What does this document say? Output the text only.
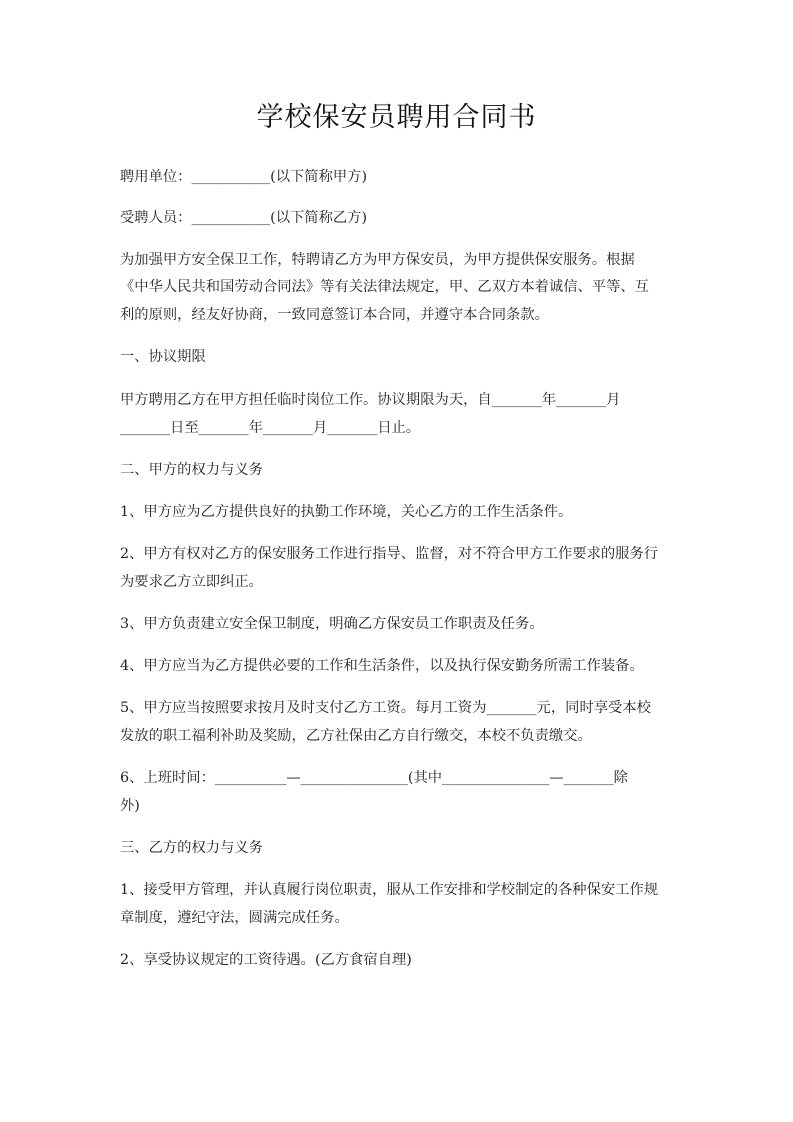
学校保安员聘用合同书
聘用单位：___________(以下简称甲方)
受聘人员：___________(以下简称乙方)
为加强甲方安全保卫工作，特聘请乙方为甲方保安员，为甲方提供保安服务。根据
《中华人民共和国劳动合同法》等有关法律法规定，甲、乙双方本着诚信、平等、互
利的原则，经友好协商，一致同意签订本合同，并遵守本合同条款。
一、协议期限
甲方聘用乙方在甲方担任临时岗位工作。协议期限为天，自_______年_______月
_______日至_______年_______月_______日止。
二、甲方的权力与义务
1、甲方应为乙方提供良好的执勤工作环境，关心乙方的工作生活条件。
2、甲方有权对乙方的保安服务工作进行指导、监督，对不符合甲方工作要求的服务行
为要求乙方立即纠正。
3、甲方负责建立安全保卫制度，明确乙方保安员工作职责及任务。
4、甲方应当为乙方提供必要的工作和生活条件，以及执行保安勤务所需工作装备。
5、甲方应当按照要求按月及时支付乙方工资。每月工资为_______元，同时享受本校
发放的职工福利补助及奖励，乙方社保由乙方自行缴交，本校不负责缴交。
6、上班时间：__________—_______________(其中_______________—_______除
外)
三、乙方的权力与义务
1、接受甲方管理，并认真履行岗位职责，服从工作安排和学校制定的各种保安工作规
章制度，遵纪守法，圆满完成任务。
2、享受协议规定的工资待遇。(乙方食宿自理)
